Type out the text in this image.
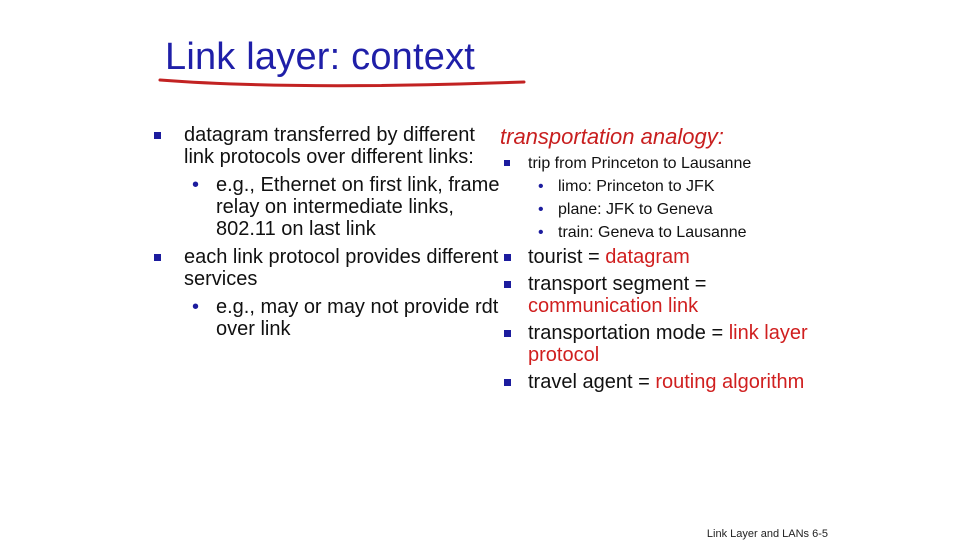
Link layer: context
datagram transferred by different link protocols over different links:
• e.g., Ethernet on first link, frame relay on intermediate links, 802.11 on last link
each link protocol provides different services
• e.g., may or may not provide rdt over link
transportation analogy:
trip from Princeton to Lausanne
• limo: Princeton to JFK
• plane: JFK to Geneva
• train: Geneva to Lausanne
tourist = datagram
transport segment = communication link
transportation mode = link layer protocol
travel agent = routing algorithm
Link Layer and LANs 6-5
